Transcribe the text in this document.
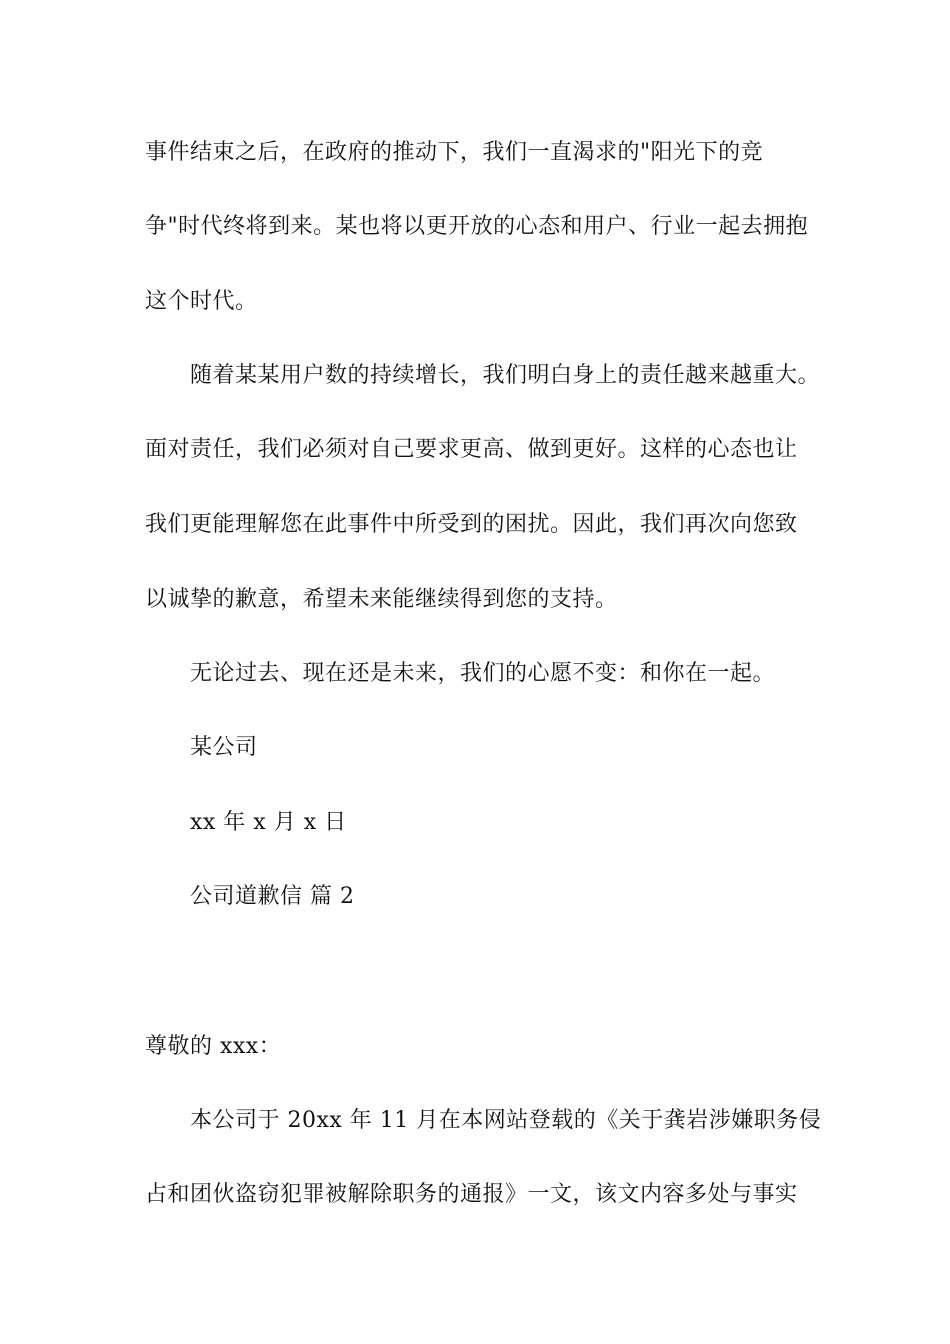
事件结束之后，在政府的推动下，我们一直渴求的"阳光下的竞
争"时代终将到来。某也将以更开放的心态和用户、行业一起去拥抱
这个时代。
随着某某用户数的持续增长，我们明白身上的责任越来越重大。
面对责任，我们必须对自己要求更高、做到更好。这样的心态也让
我们更能理解您在此事件中所受到的困扰。因此，我们再次向您致
以诚挚的歉意，希望未来能继续得到您的支持。
无论过去、现在还是未来，我们的心愿不变：和你在一起。
某公司
xx 年 x 月 x 日
公司道歉信 篇 2
尊敬的 xxx：
本公司于 20xx 年 11 月在本网站登载的《关于龚岩涉嫌职务侵
占和团伙盗窃犯罪被解除职务的通报》一文，该文内容多处与事实
